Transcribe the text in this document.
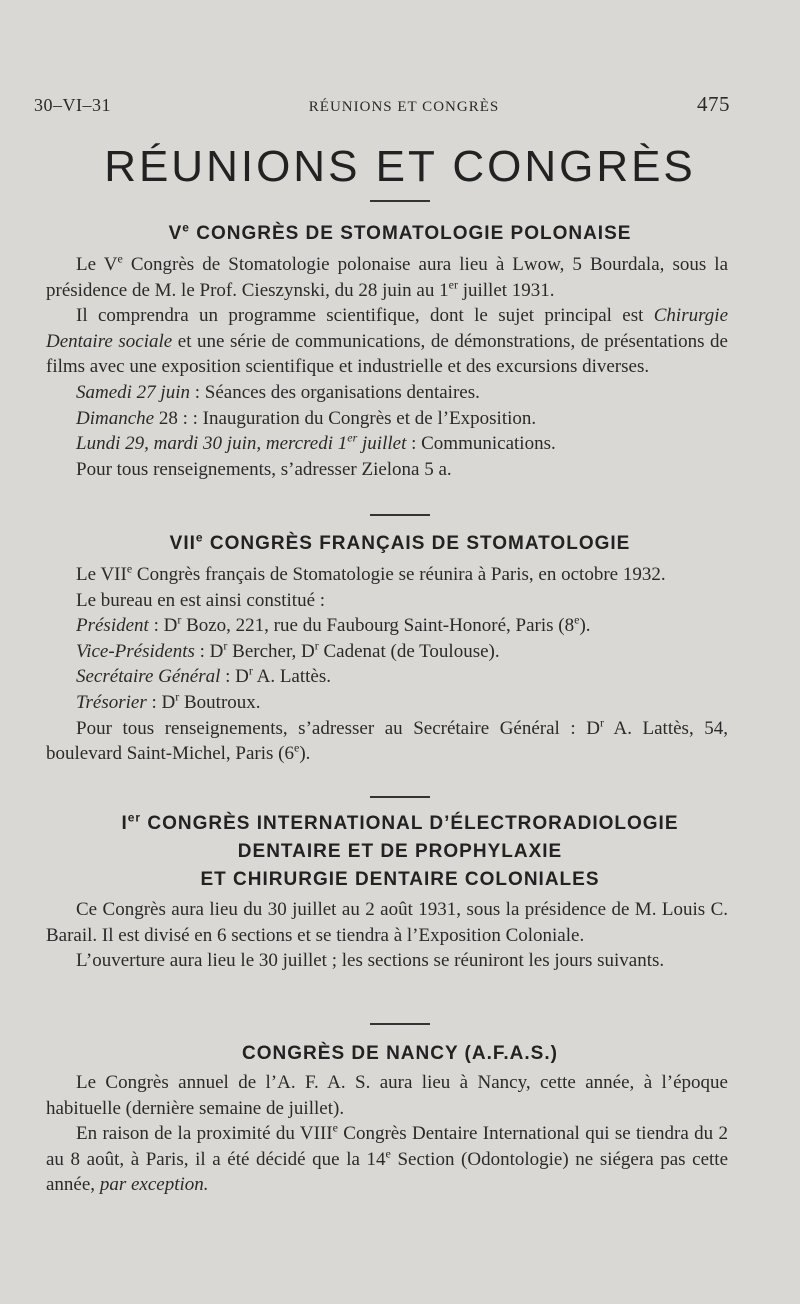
30–VI–31	RÉUNIONS ET CONGRÈS	475
RÉUNIONS ET CONGRÈS
Ve CONGRÈS DE STOMATOLOGIE POLONAISE

Le Ve Congrès de Stomatologie polonaise aura lieu à Lwow, 5 Bourdala, sous la présidence de M. le Prof. Cieszynski, du 28 juin au 1er juillet 1931.

Il comprendra un programme scientifique, dont le sujet principal est Chirurgie Dentaire sociale et une série de communications, de démonstrations, de présentations de films avec une exposition scientifique et industrielle et des excursions diverses.

Samedi 27 juin : Séances des organisations dentaires.

Dimanche 28 : : Inauguration du Congrès et de l’Exposition.

Lundi 29, mardi 30 juin, mercredi 1er juillet : Communications.

Pour tous renseignements, s’adresser Zielona 5 a.

VIIe CONGRÈS FRANÇAIS DE STOMATOLOGIE

Le VIIe Congrès français de Stomatologie se réunira à Paris, en octobre 1932.

Le bureau en est ainsi constitué :

Président : $D^r$ Bozo, 221, rue du Faubourg Saint-Honoré, Paris (8e).

Vice-Présidents : $D^r$ Bercher, $D^r$ Cadenat (de Toulouse).

Secrétaire Général : $D^r$ A. Lattès.

Trésorier : $D^r$ Boutroux.

Pour tous renseignements, s’adresser au Secrétaire Général : $D^r$ A. Lattès, 54, boulevard Saint-Michel, Paris (6e).

Ier CONGRÈS INTERNATIONAL D’ÉLECTRORADIOLOGIE
DENTAIRE ET DE PROPHYLAXIE
ET CHIRURGIE DENTAIRE COLONIALES

Ce Congrès aura lieu du 30 juillet au 2 août 1931, sous la présidence de M. Louis C. Barail. Il est divisé en 6 sections et se tiendra à l’Exposition Coloniale.

L’ouverture aura lieu le 30 juillet ; les sections se réuniront les jours suivants.

CONGRÈS DE NANCY (A.F.A.S.)

Le Congrès annuel de l’A. F. A. S. aura lieu à Nancy, cette année, à l’époque habituelle (dernière semaine de juillet).

En raison de la proximité du VIIIe Congrès Dentaire International qui se tiendra du 2 au 8 août, à Paris, il a été décidé que la 14e Section (Odontologie) ne siégera pas cette année, par exception.
